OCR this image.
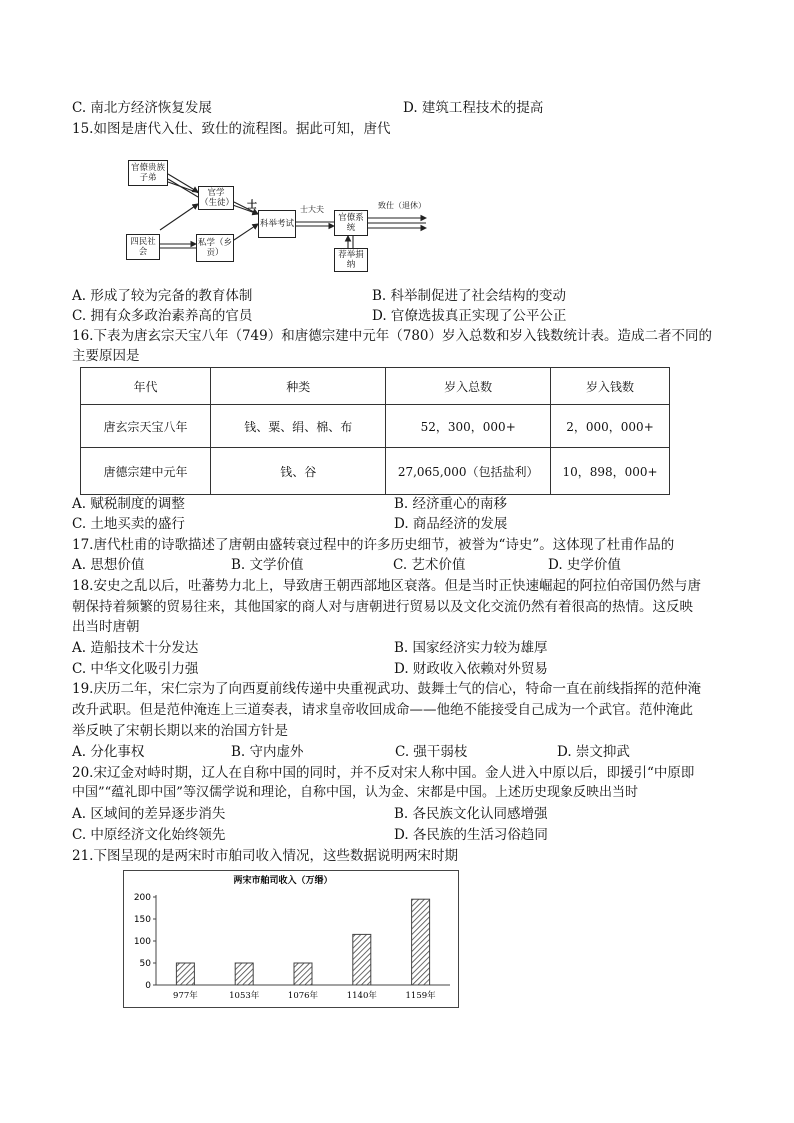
C. 南北方经济恢复发展	D. 建筑工程技术的提高
15.如图是唐代入仕、致仕的流程图。据此可知，唐代
官僚贵族子弟
官学（生徒）
科举考试
官僚系统
四民社会
私学（乡贡）	荐举捐纳
士	士大夫	致仕（退休）
A. 形成了较为完备的教育体制	B. 科举制促进了社会结构的变动
C. 拥有众多政治素养高的官员	D. 官僚选拔真正实现了公平公正
16.下表为唐玄宗天宝八年（749）和唐德宗建中元年（780）岁入总数和岁入钱数统计表。造成二者不同的
主要原因是
年代	种类	岁入总数	岁入钱数
唐玄宗天宝八年	钱、粟、绢、棉、布	52，300，000+	2，000，000+
唐德宗建中元年	钱、谷	27,065,000（包括盐利）	10，898，000+
A. 赋税制度的调整	B. 经济重心的南移
C. 土地买卖的盛行	D. 商品经济的发展
17.唐代杜甫的诗歌描述了唐朝由盛转衰过程中的许多历史细节，被誉为“诗史”。这体现了杜甫作品的
A. 思想价值	B. 文学价值	C. 艺术价值	D. 史学价值
18.安史之乱以后，吐蕃势力北上，导致唐王朝西部地区衰落。但是当时正快速崛起的阿拉伯帝国仍然与唐
朝保持着频繁的贸易往来，其他国家的商人对与唐朝进行贸易以及文化交流仍然有着很高的热情。这反映
出当时唐朝
A. 造船技术十分发达	B. 国家经济实力较为雄厚
C. 中华文化吸引力强	D. 财政收入依赖对外贸易
19.庆历二年，宋仁宗为了向西夏前线传递中央重视武功、鼓舞士气的信心，特命一直在前线指挥的范仲淹
改升武职。但是范仲淹连上三道奏表，请求皇帝收回成命——他绝不能接受自己成为一个武官。范仲淹此
举反映了宋朝长期以来的治国方针是
A. 分化事权	B. 守内虚外	C. 强干弱枝	D. 崇文抑武
20.宋辽金对峙时期，辽人在自称中国的同时，并不反对宋人称中国。金人进入中原以后，即援引“中原即
中国”“蕴礼即中国”等汉儒学说和理论，自称中国，认为金、宋都是中国。上述历史现象反映出当时
A. 区域间的差异逐步消失	B. 各民族文化认同感增强
C. 中原经济文化始终领先	D. 各民族的生活习俗趋同
21.下图呈现的是两宋时市舶司收入情况，这些数据说明两宋时期
两宋市舶司收入（万缗）
0
50
100
150
200
977年	1053年	1076年	1140年	1159年
